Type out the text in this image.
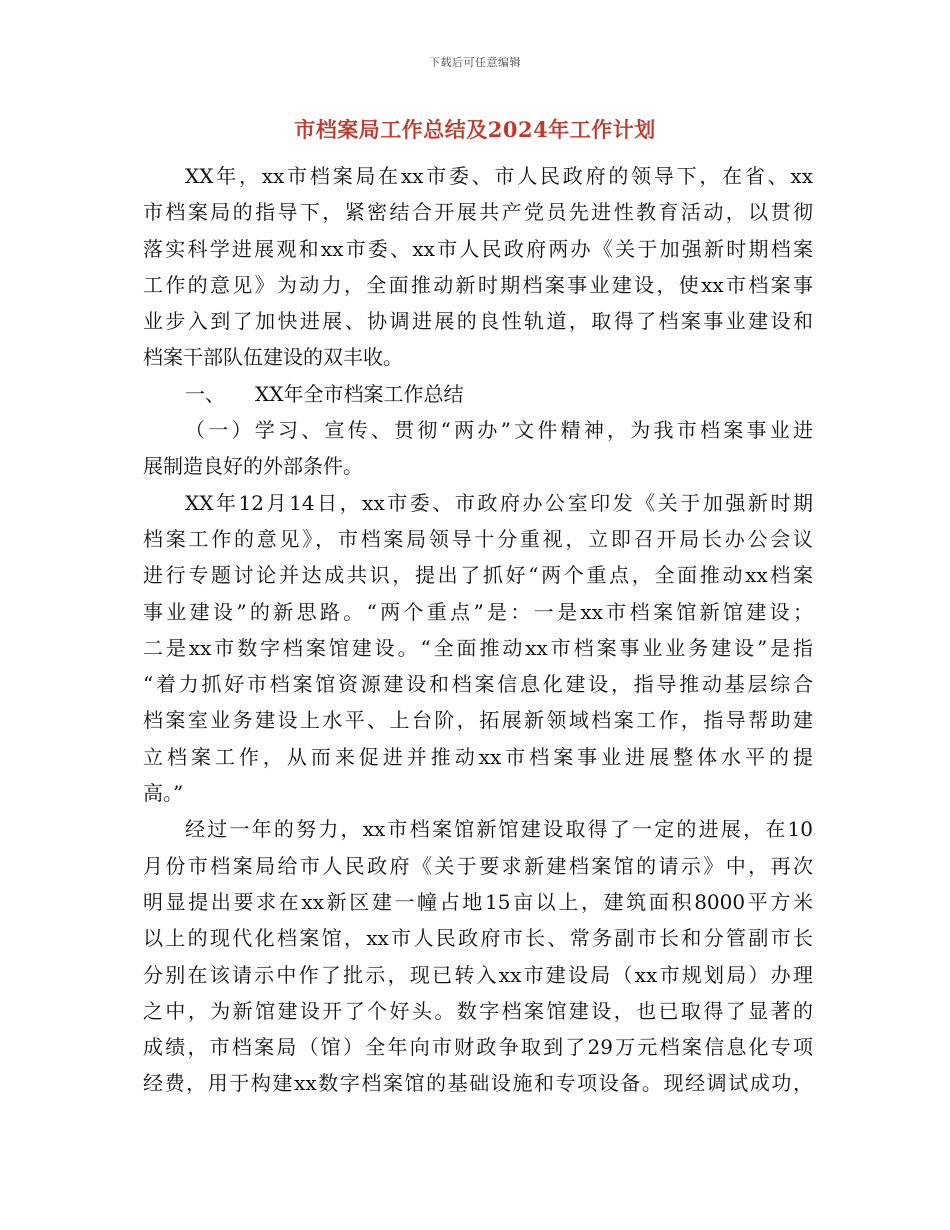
下载后可任意编辑
市档案局工作总结及2024年工作计划
XX年，xx市档案局在xx市委、市人民政府的领导下，在省、xx
市档案局的指导下，紧密结合开展共产党员先进性教育活动，以贯彻
落实科学进展观和xx市委、xx市人民政府两办《关于加强新时期档案
工作的意见》为动力，全面推动新时期档案事业建设，使xx市档案事
业步入到了加快进展、协调进展的良性轨道，取得了档案事业建设和
档案干部队伍建设的双丰收。
一、　　XX年全市档案工作总结
（一）学习、宣传、贯彻“两办”文件精神，为我市档案事业进
展制造良好的外部条件。
XX年12月14日，xx市委、市政府办公室印发《关于加强新时期
档案工作的意见》，市档案局领导十分重视，立即召开局长办公会议
进行专题讨论并达成共识，提出了抓好“两个重点，全面推动xx档案
事业建设”的新思路。“两个重点”是：一是xx市档案馆新馆建设；
二是xx市数字档案馆建设。“全面推动xx市档案事业业务建设”是指
“着力抓好市档案馆资源建设和档案信息化建设，指导推动基层综合
档案室业务建设上水平、上台阶，拓展新领域档案工作，指导帮助建
立档案工作，从而来促进并推动xx市档案事业进展整体水平的提
高。”
经过一年的努力，xx市档案馆新馆建设取得了一定的进展，在10
月份市档案局给市人民政府《关于要求新建档案馆的请示》中，再次
明显提出要求在xx新区建一幢占地15亩以上，建筑面积8000平方米
以上的现代化档案馆，xx市人民政府市长、常务副市长和分管副市长
分别在该请示中作了批示，现已转入xx市建设局（xx市规划局）办理
之中，为新馆建设开了个好头。数字档案馆建设，也已取得了显著的
成绩，市档案局（馆）全年向市财政争取到了29万元档案信息化专项
经费，用于构建xx数字档案馆的基础设施和专项设备。现经调试成功，
